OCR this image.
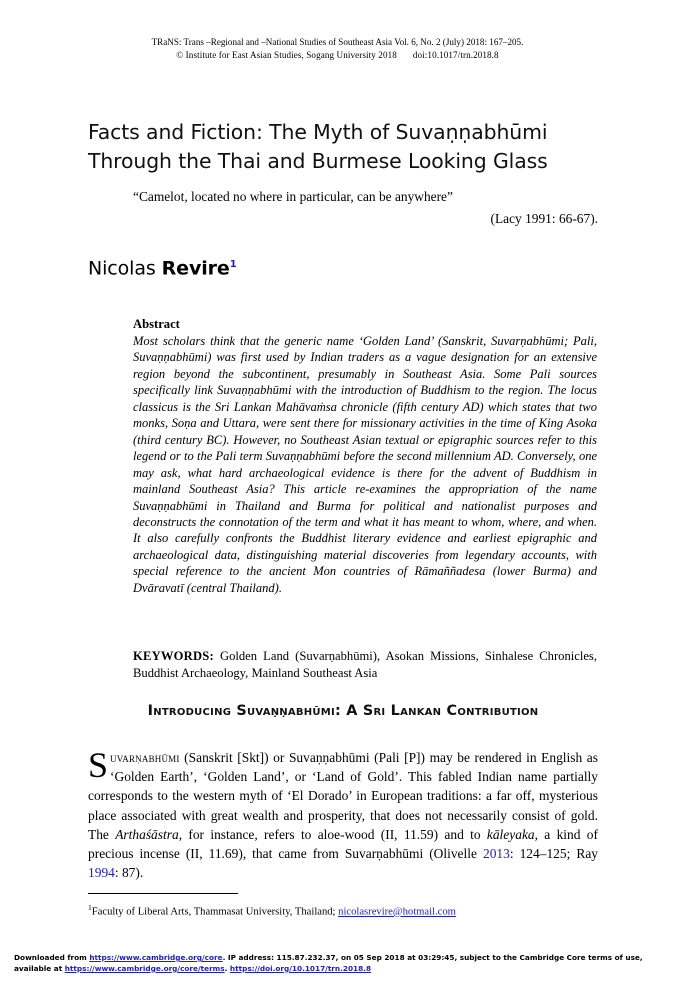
TRaNS: Trans –Regional and –National Studies of Southeast Asia Vol. 6, No. 2 (July) 2018: 167–205.
© Institute for East Asian Studies, Sogang University 2018 doi:10.1017/trn.2018.8
Facts and Fiction: The Myth of Suvaṇṇabhūmi Through the Thai and Burmese Looking Glass
“Camelot, located no where in particular, can be anywhere”
(Lacy 1991: 66-67).
Nicolas Revire$^1$
Abstract

Most scholars think that the generic name ‘Golden Land’ (Sanskrit, Suvarṇabhūmi; Pali, Suvaṇṇabhūmi) was first used by Indian traders as a vague designation for an extensive region beyond the subcontinent, presumably in Southeast Asia. Some Pali sources specifically link Suvaṇṇabhūmi with the introduction of Buddhism to the region. The locus classicus is the Sri Lankan Mahāvaṁsa chronicle (fifth century AD) which states that two monks, Soṇa and Uttara, were sent there for missionary activities in the time of King Asoka (third century BC). However, no Southeast Asian textual or epigraphic sources refer to this legend or to the Pali term Suvaṇṇabhūmi before the second millennium AD. Conversely, one may ask, what hard archaeological evidence is there for the advent of Buddhism in mainland Southeast Asia? This article re-examines the appropriation of the name Suvaṇṇabhūmi in Thailand and Burma for political and nationalist purposes and deconstructs the connotation of the term and what it has meant to whom, where, and when. It also carefully confronts the Buddhist literary evidence and earliest epigraphic and archaeological data, distinguishing material discoveries from legendary accounts, with special reference to the ancient Mon countries of Rāmaññadesa (lower Burma) and Dvāravatī (central Thailand).

KEYWORDS: Golden Land (Suvarṇabhūmi), Asokan Missions, Sinhalese Chronicles, Buddhist Archaeology, Mainland Southeast Asia
Introducing Suvaṇṇabhūmi: A Sri Lankan Contribution

Suvarṇabhūmi (Sanskrit [Skt]) or Suvaṇṇabhūmi (Pali [P]) may be rendered in English as ‘Golden Earth’, ‘Golden Land’, or ‘Land of Gold’. This fabled Indian name partially corresponds to the western myth of ‘El Dorado’ in European traditions: a far off, mysterious place associated with great wealth and prosperity, that does not necessarily consist of gold. The Arthaśāstra, for instance, refers to aloe-wood (II, 11.59) and to kāleyaka, a kind of precious incense (II, 11.69), that came from Suvarṇabhūmi (Olivelle 2013: 124–125; Ray 1994: 87).

$^1$Faculty of Liberal Arts, Thammasat University, Thailand; nicolasrevire@hotmail.com
Downloaded from https://www.cambridge.org/core. IP address: 115.87.232.37, on 05 Sep 2018 at 03:29:45, subject to the Cambridge Core terms of use, available at https://www.cambridge.org/core/terms. https://doi.org/10.1017/trn.2018.8
